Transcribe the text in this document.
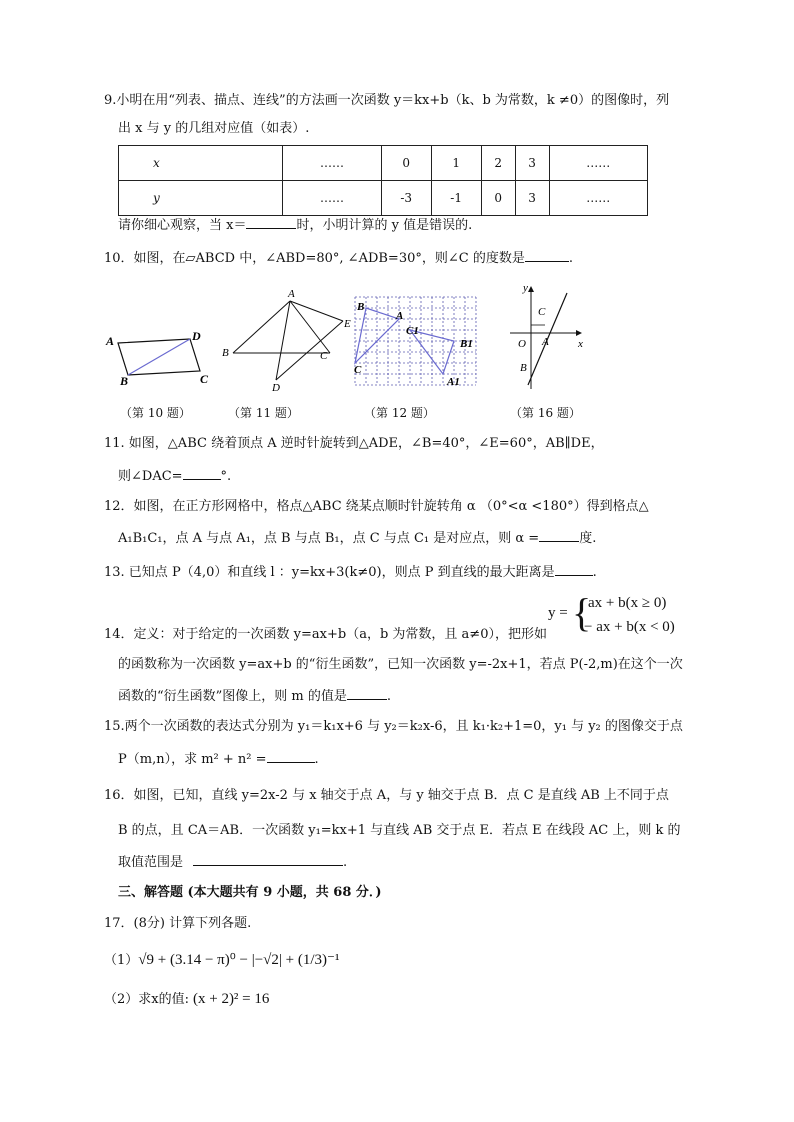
9.小明在用“列表、描点、连线”的方法画一次函数 y＝kx+b（k、b 为常数，k ≠0）的图像时，列
出 x 与 y 的几组对应值（如表）.
x	……	0	1	2	3	……
y	……	-3	-1	0	3	……
请你细心观察，当 x＝	时，小明计算的 y 值是错误的.
10．如图，在▱ABCD 中，∠ABD=80°, ∠ADB=30°，则∠C 的度数是	.
A	D
B	C
A
E
B	C
D
B
A
C1
B1
C
A1
y
C
O A	x
B
（第 10 题）	（第 11 题）	（第 12 题）	（第 16 题）
11. 如图，△ABC 绕着顶点 A 逆时针旋转到△ADE，∠B=40°，∠E=60°，AB∥DE，
则∠DAC=	°.
12．如图，在正方形网格中，格点△ABC 绕某点顺时针旋转角 α （0°<α <180°）得到格点△
A₁B₁C₁，点 A 与点 A₁，点 B 与点 B₁，点 C 与点 C₁ 是对应点，则 α =	度.
13. 已知点 P（4,0）和直线 l ：y=kx+3(k≠0)，则点 P 到直线的最大距离是	.
y = {
ax + b(x ≥ 0)
− ax + b(x < 0)
14．定义：对于给定的一次函数 y=ax+b（a，b 为常数，且 a≠0），把形如
的函数称为一次函数 y=ax+b 的“衍生函数”，已知一次函数 y=-2x+1，若点 P(-2,m)在这个一次
函数的“衍生函数”图像上，则 m 的值是	.
15.两个一次函数的表达式分别为 y₁＝k₁x+6 与 y₂＝k₂x-6，且 k₁·k₂+1=0，y₁ 与 y₂ 的图像交于点
P（m,n），求 m² + n² =	.
16．如图，已知，直线 y=2x-2 与 x 轴交于点 A，与 y 轴交于点 B．点 C 是直线 AB 上不同于点
B 的点，且 CA＝AB．一次函数 y₁=kx+1 与直线 AB 交于点 E．若点 E 在线段 AC 上，则 k 的
取值范围是	.
三、解答题 (本大题共有 9 小题，共 68 分．)
17．(8分) 计算下列各题.
（1）√9 + (3.14 − π)⁰ − |−√2| + (1/3)⁻¹
（2）求x的值: (x + 2)² = 16
